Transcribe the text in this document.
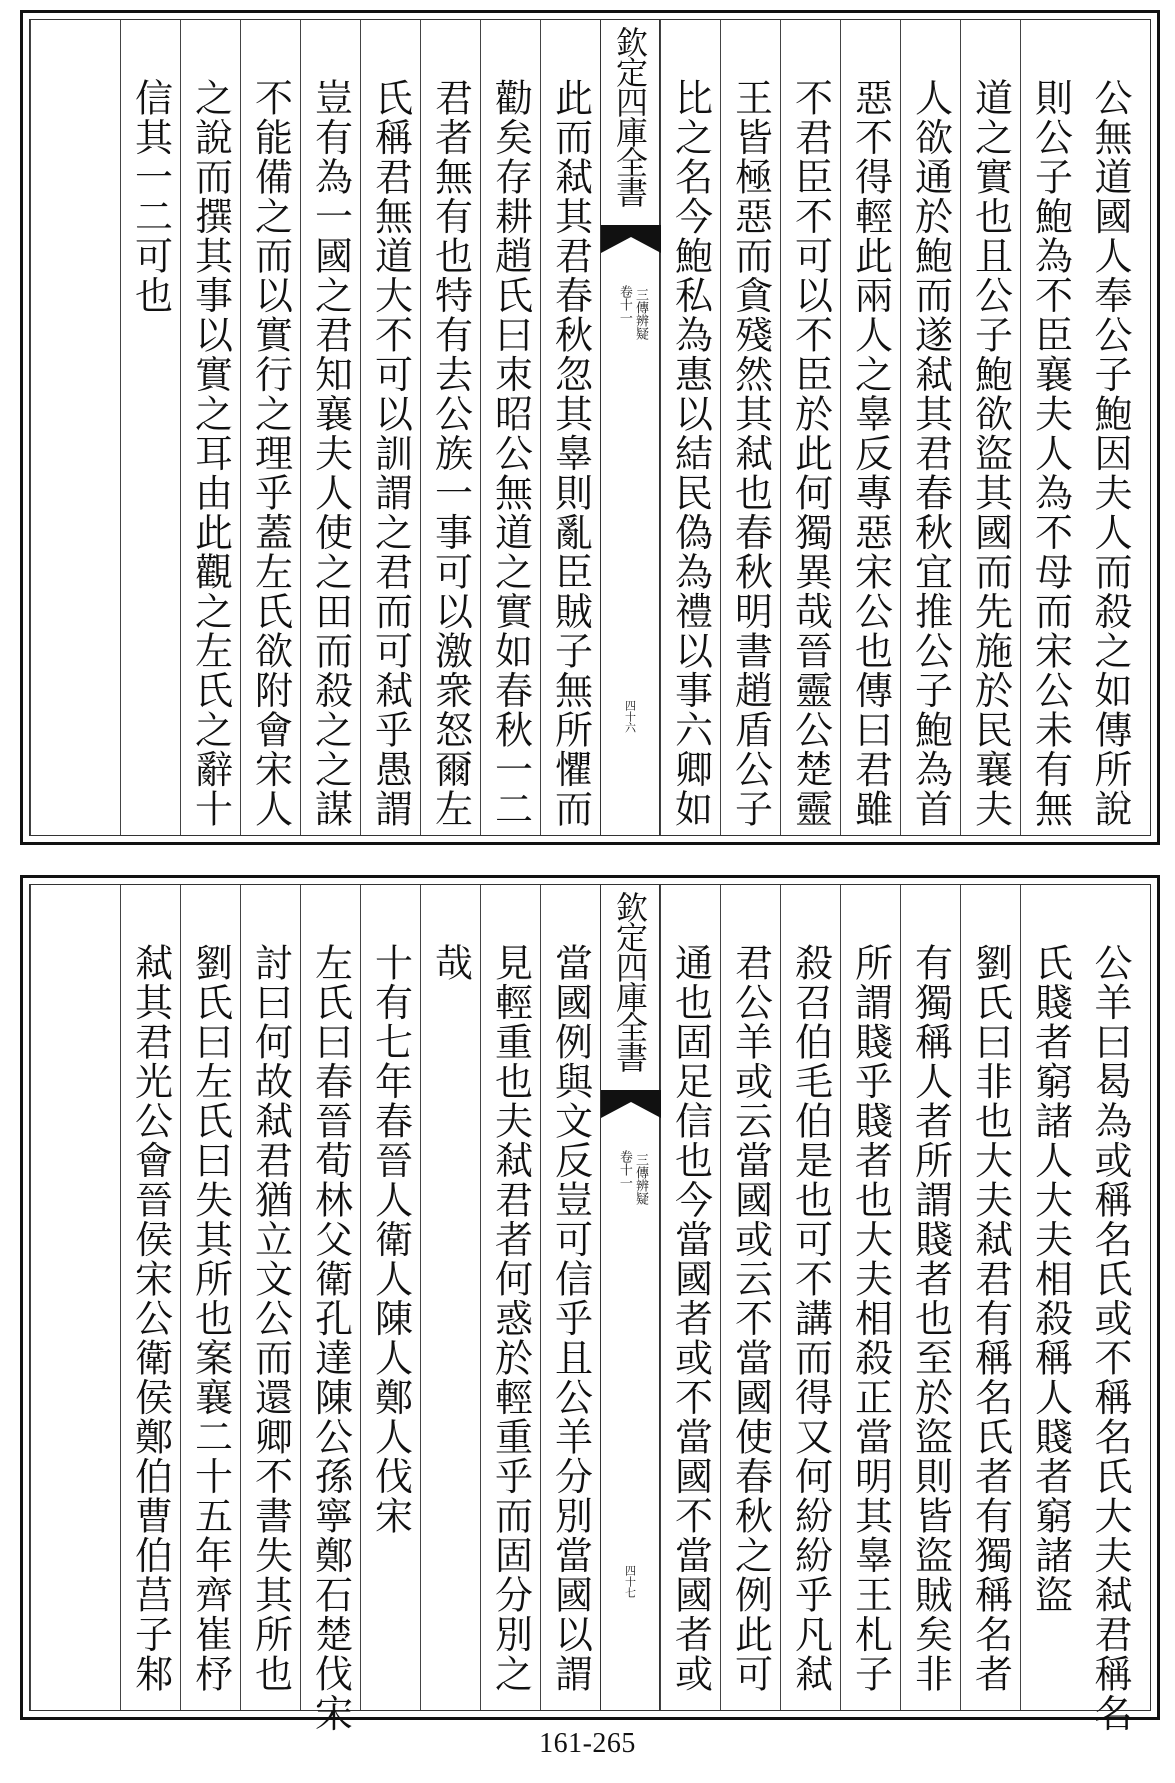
公無道國人奉公子鮑因夫人而殺之如傳所說
則公子鮑為不臣襄夫人為不母而宋公未有無
道之實也且公子鮑欲盜其國而先施於民襄夫
人欲通於鮑而遂弒其君春秋宜推公子鮑為首
惡不得輕此兩人之辠反專惡宋公也傳曰君雖
不君臣不可以不臣於此何獨異哉晉靈公楚靈
王皆極惡而貪殘然其弒也春秋明書趙盾公子
比之名今鮑私為惠以結民偽為禮以事六卿如
欽定四庫全書
三傳辨疑
卷十一
四十六
此而弒其君春秋忽其辠則亂臣賊子無所懼而
勸矣存耕趙氏曰朿昭公無道之實如春秋一二
君者無有也特有去公族一事可以激衆怒爾左
氏稱君無道大不可以訓謂之君而可弒乎愚謂
豈有為一國之君知襄夫人使之田而殺之之謀
不能備之而以實行之理乎蓋左氏欲附會宋人
之說而撰其事以實之耳由此觀之左氏之辭十
信其一二可也
公羊曰曷為或稱名氏或不稱名氏大夫弒君稱名
氏賤者窮諸人大夫相殺稱人賤者窮諸盜
劉氏曰非也大夫弒君有稱名氏者有獨稱名者
有獨稱人者所謂賤者也至於盜則皆盜賊矣非
所謂賤乎賤者也大夫相殺正當明其辠王札子
殺召伯毛伯是也可不講而得又何紛紛乎凡弒
君公羊或云當國或云不當國使春秋之例此可
通也固足信也今當國者或不當國不當國者或
欽定四庫全書
三傳辨疑
卷十一
四十七
當國例與文反豈可信乎且公羊分別當國以謂
見輕重也夫弒君者何惑於輕重乎而固分別之
哉
十有七年春晉人衛人陳人鄭人伐宋
左氏曰春晉荀林父衛孔達陳公孫寧鄭石楚伐宋
討曰何故弒君猶立文公而還卿不書失其所也
劉氏曰左氏曰失其所也案襄二十五年齊崔杼
弒其君光公會晉侯宋公衛侯鄭伯曹伯莒子邾
161-265
